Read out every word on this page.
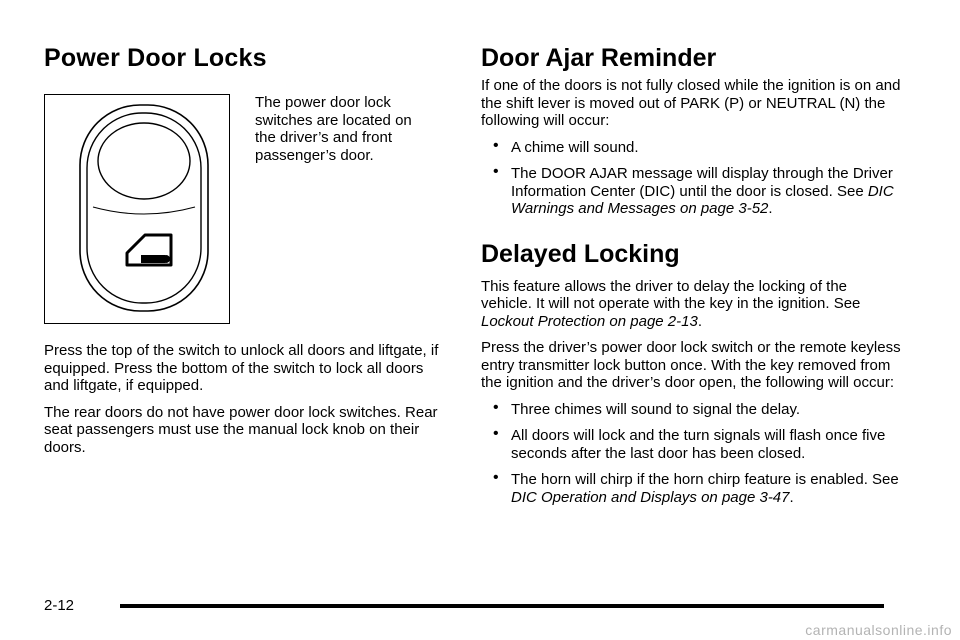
Power Door Locks

The power door lock switches are located on the driver’s and front passenger’s door.

Press the top of the switch to unlock all doors and liftgate, if equipped. Press the bottom of the switch to lock all doors and liftgate, if equipped.

The rear doors do not have power door lock switches. Rear seat passengers must use the manual lock knob on their doors.

Door Ajar Reminder

If one of the doors is not fully closed while the ignition is on and the shift lever is moved out of PARK (P) or NEUTRAL (N) the following will occur:

• A chime will sound.
• The DOOR AJAR message will display through the Driver Information Center (DIC) until the door is closed. See DIC Warnings and Messages on page 3-52.
Delayed Locking

This feature allows the driver to delay the locking of the vehicle. It will not operate with the key in the ignition. See Lockout Protection on page 2-13.

Press the driver’s power door lock switch or the remote keyless entry transmitter lock button once. With the key removed from the ignition and the driver’s door open, the following will occur:

• Three chimes will sound to signal the delay.
• All doors will lock and the turn signals will flash once five seconds after the last door has been closed.
• The horn will chirp if the horn chirp feature is enabled. See DIC Operation and Displays on page 3-47.
2-12
carmanualsonline.info
